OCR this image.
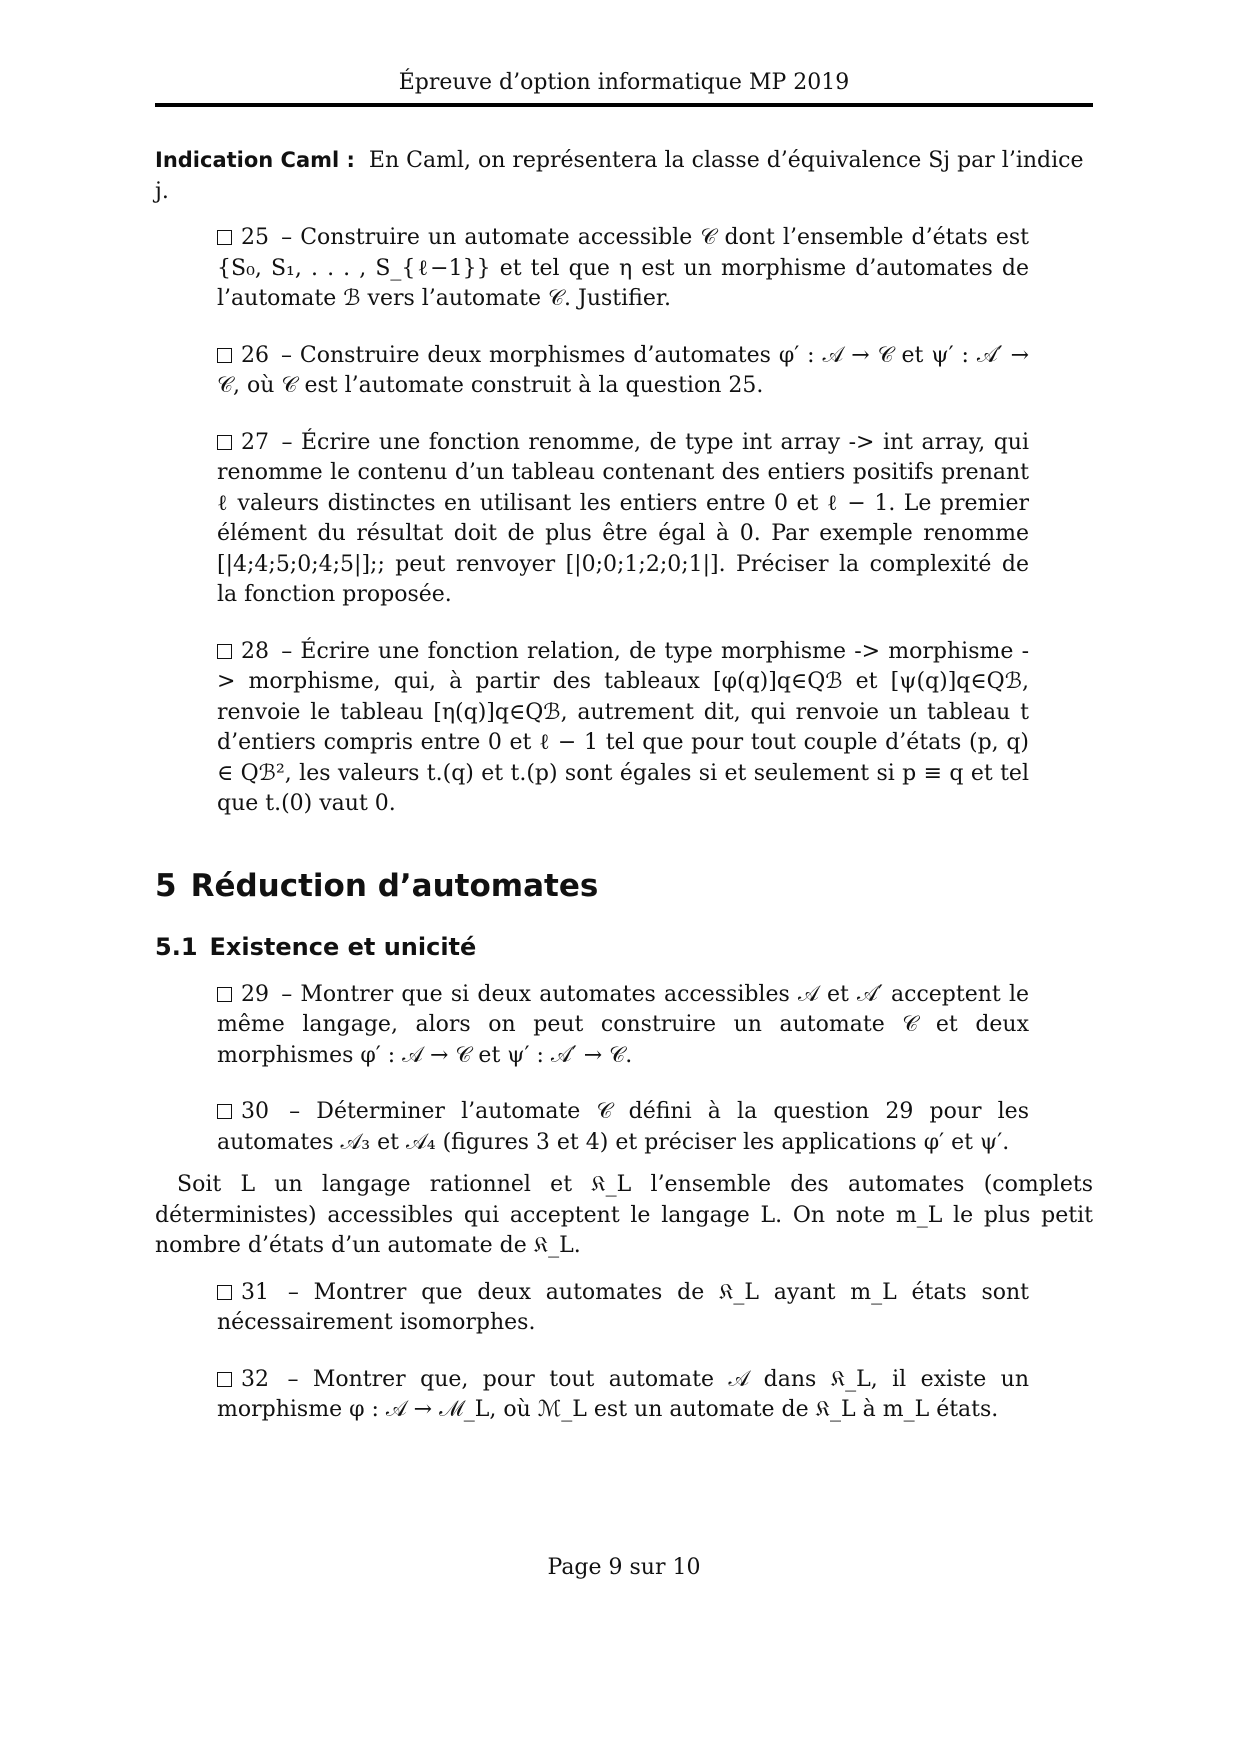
Épreuve d’option informatique MP 2019
Indication Caml : En Caml, on représentera la classe d’équivalence Sj par l’indice j.
25 – Construire un automate accessible 𝒞 dont l’ensemble d’états est {S₀, S₁, . . . , S_{ℓ−1}} et tel que η est un morphisme d’automates de l’automate ℬ vers l’automate 𝒞. Justifier.
26 – Construire deux morphismes d’automates φ′ : 𝒜 → 𝒞 et ψ′ : 𝒜′ → 𝒞, où 𝒞 est l’automate construit à la question 25.
27 – Écrire une fonction renomme, de type int array -> int array, qui renomme le contenu d’un tableau contenant des entiers positifs prenant ℓ valeurs distinctes en utilisant les entiers entre 0 et ℓ − 1. Le premier élément du résultat doit de plus être égal à 0. Par exemple renomme [|4;4;5;0;4;5|];; peut renvoyer [|0;0;1;2;0;1|]. Préciser la complexité de la fonction proposée.
28 – Écrire une fonction relation, de type morphisme -> morphisme -> morphisme, qui, à partir des tableaux [φ(q)]q∈Qℬ et [ψ(q)]q∈Qℬ, renvoie le tableau [η(q)]q∈Qℬ, autrement dit, qui renvoie un tableau t d’entiers compris entre 0 et ℓ − 1 tel que pour tout couple d’états (p, q) ∈ Qℬ², les valeurs t.(q) et t.(p) sont égales si et seulement si p ≡ q et tel que t.(0) vaut 0.
5 Réduction d’automates
5.1 Existence et unicité
29 – Montrer que si deux automates accessibles 𝒜 et 𝒜′ acceptent le même langage, alors on peut construire un automate 𝒞 et deux morphismes φ′ : 𝒜 → 𝒞 et ψ′ : 𝒜′ → 𝒞.
30 – Déterminer l’automate 𝒞 défini à la question 29 pour les automates 𝒜₃ et 𝒜₄ (figures 3 et 4) et préciser les applications φ′ et ψ′.
Soit L un langage rationnel et 𝔎_L l’ensemble des automates (complets déterministes) accessibles qui acceptent le langage L. On note m_L le plus petit nombre d’états d’un automate de 𝔎_L.
31 – Montrer que deux automates de 𝔎_L ayant m_L états sont nécessairement isomorphes.
32 – Montrer que, pour tout automate 𝒜 dans 𝔎_L, il existe un morphisme φ : 𝒜 → ℳ_L, où ℳ_L est un automate de 𝔎_L à m_L états.
Page 9 sur 10
